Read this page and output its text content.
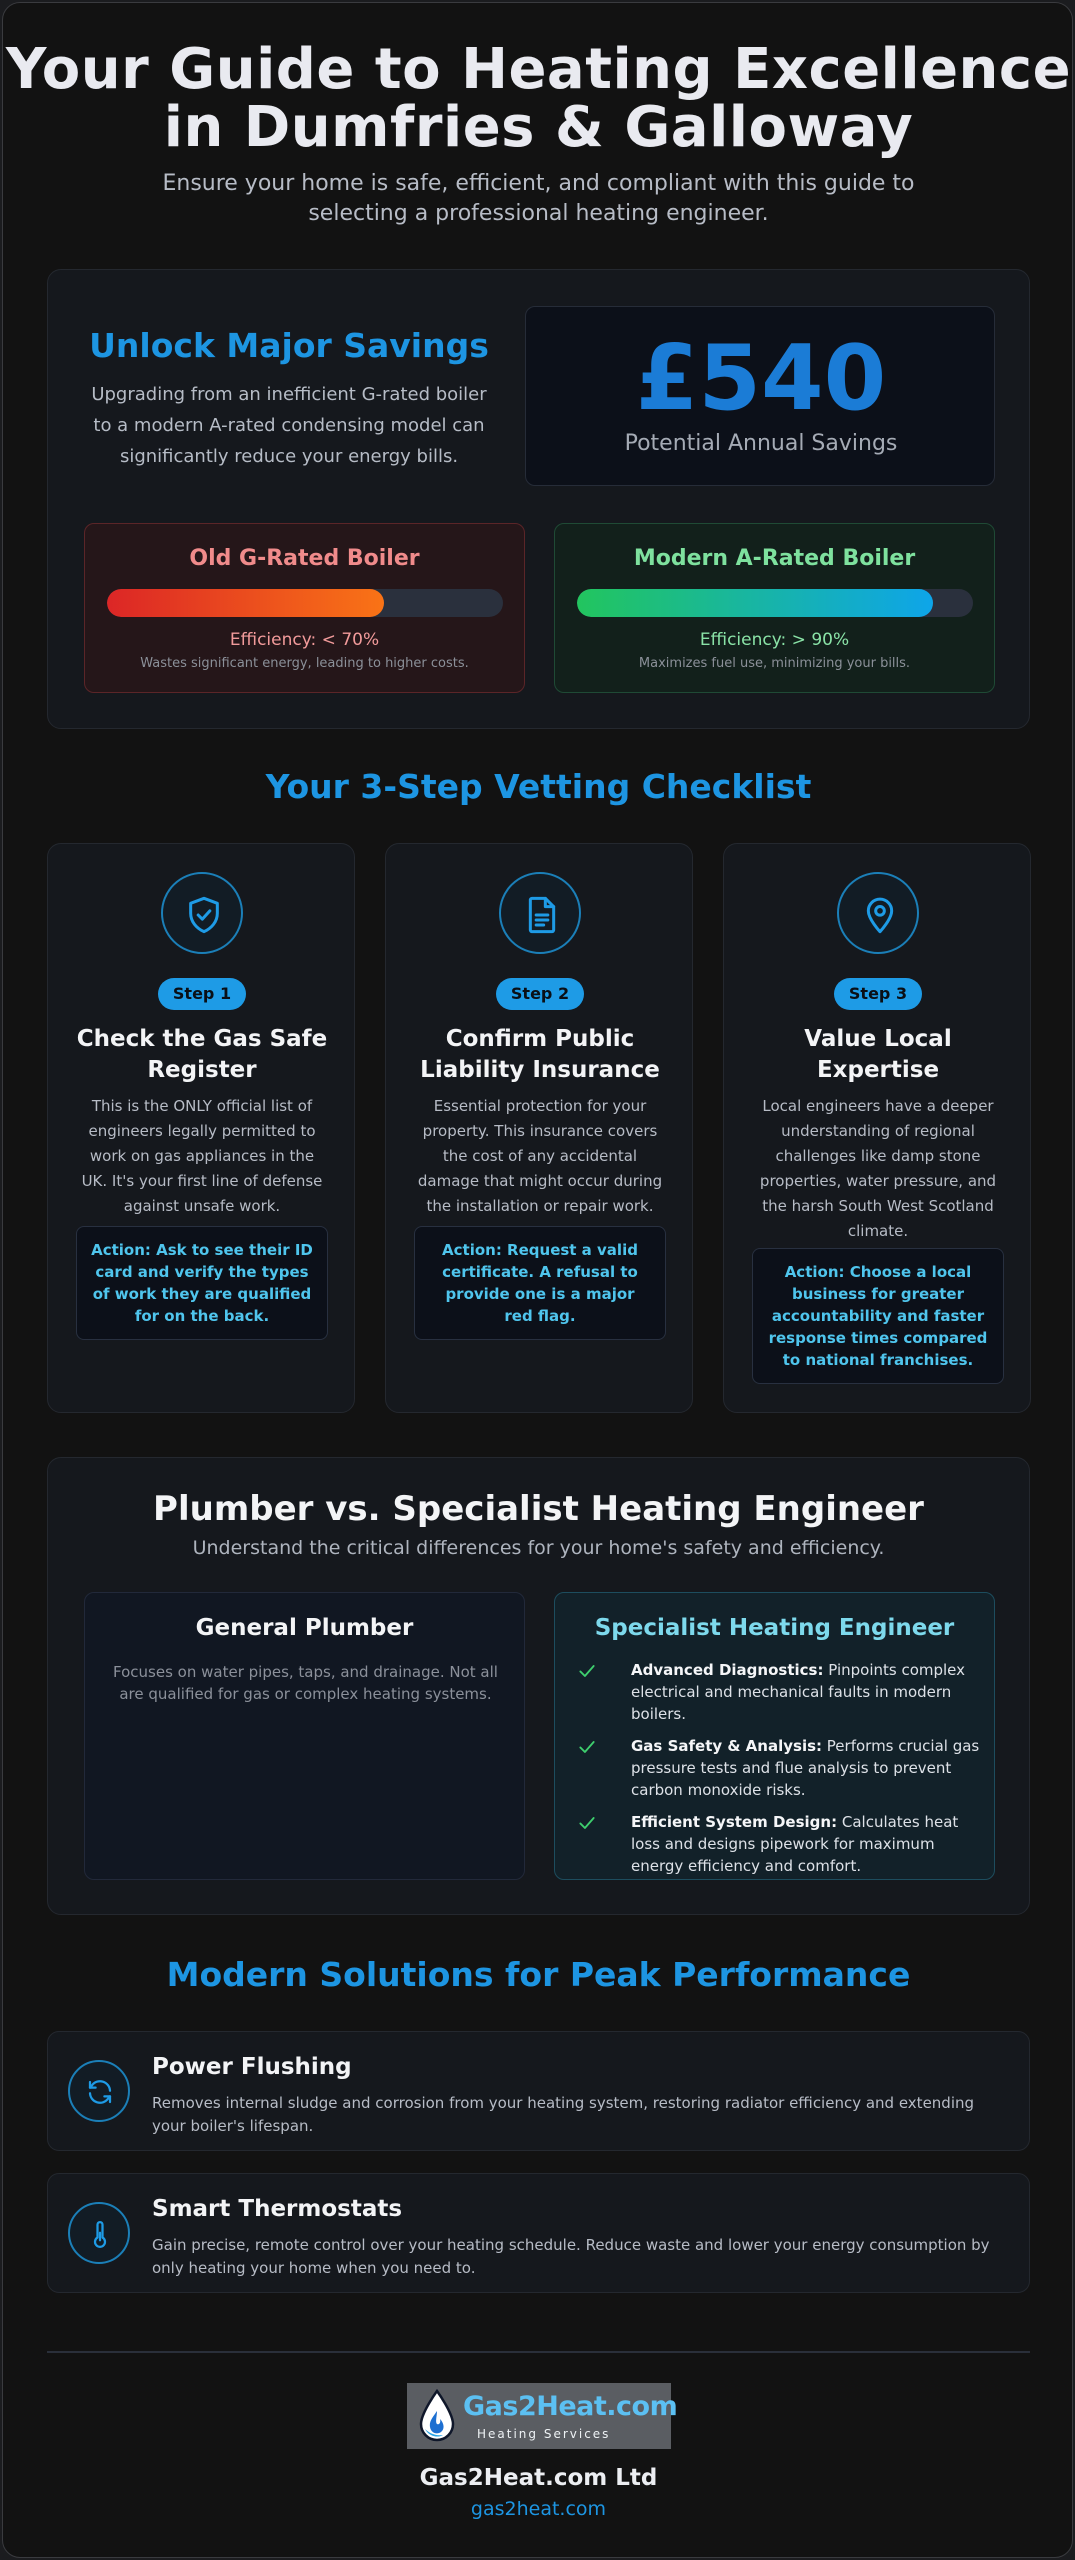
Your Guide to Heating Excellence
in Dumfries & Galloway
Ensure your home is safe, efficient, and compliant with this guide to selecting a professional heating engineer.
Unlock Major Savings
Upgrading from an inefficient G-rated boiler to a modern A-rated condensing model can significantly reduce your energy bills.
£540
Potential Annual Savings
Old G-Rated Boiler
Efficiency: < 70%
Wastes significant energy, leading to higher costs.
Modern A-Rated Boiler
Efficiency: > 90%
Maximizes fuel use, minimizing your bills.
Your 3-Step Vetting Checklist
Step 1
Check the Gas Safe Register
This is the ONLY official list of engineers legally permitted to work on gas appliances in the UK. It's your first line of defense against unsafe work.
Action: Ask to see their ID card and verify the types of work they are qualified for on the back.
Step 2
Confirm Public Liability Insurance
Essential protection for your property. This insurance covers the cost of any accidental damage that might occur during the installation or repair work.
Action: Request a valid certificate. A refusal to provide one is a major red flag.
Step 3
Value Local Expertise
Local engineers have a deeper understanding of regional challenges like damp stone properties, water pressure, and the harsh South West Scotland climate.
Action: Choose a local business for greater accountability and faster response times compared to national franchises.
Plumber vs. Specialist Heating Engineer
Understand the critical differences for your home's safety and efficiency.
General Plumber
Focuses on water pipes, taps, and drainage. Not all are qualified for gas or complex heating systems.
Specialist Heating Engineer
Advanced Diagnostics: Pinpoints complex electrical and mechanical faults in modern boilers.
Gas Safety & Analysis: Performs crucial gas pressure tests and flue analysis to prevent carbon monoxide risks.
Efficient System Design: Calculates heat loss and designs pipework for maximum energy efficiency and comfort.
Modern Solutions for Peak Performance
Power Flushing
Removes internal sludge and corrosion from your heating system, restoring radiator efficiency and extending your boiler's lifespan.
Smart Thermostats
Gain precise, remote control over your heating schedule. Reduce waste and lower your energy consumption by only heating your home when you need to.
Gas2Heat.com
Heating Services
Gas2Heat.com Ltd
gas2heat.com
